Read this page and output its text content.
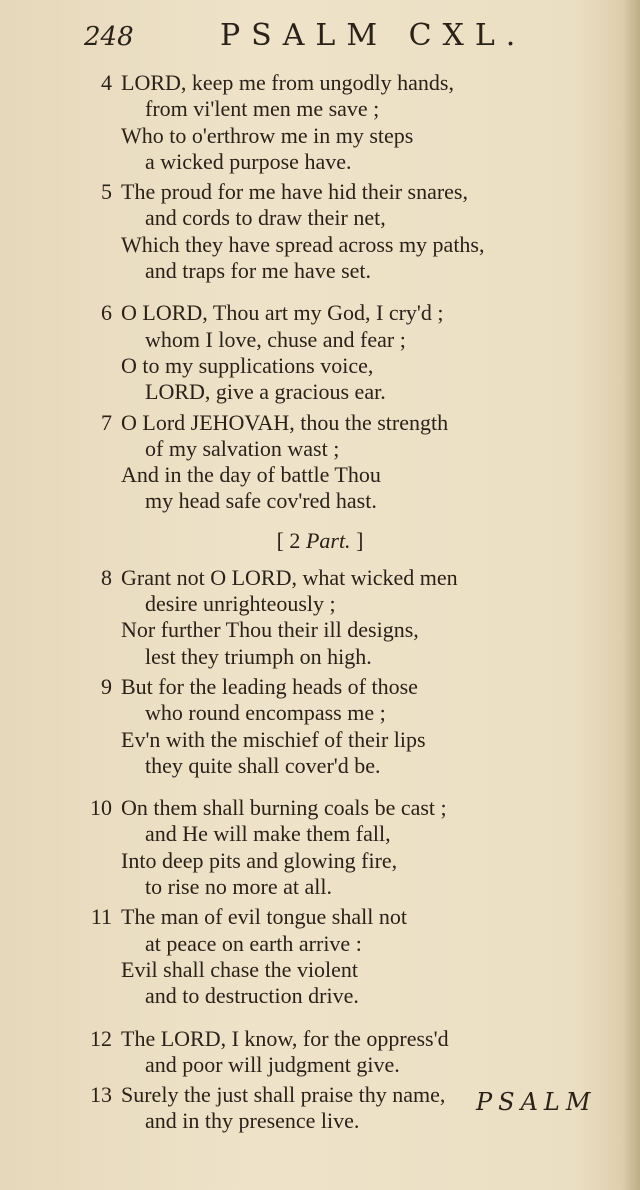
248	PSALM CXL.
4 LORD, keep me from ungodly hands,
from vi'lent men me save ;
Who to o'erthrow me in my steps
a wicked purpose have.
5 The proud for me have hid their snares,
and cords to draw their net,
Which they have spread across my paths,
and traps for me have set.
6 O LORD, Thou art my God, I cry'd ;
whom I love, chuse and fear ;
O to my supplications voice,
LORD, give a gracious ear.
7 O Lord JEHOVAH, thou the strength
of my salvation wast ;
And in the day of battle Thou
my head safe cov'red hast.
[ 2 Part. ]
8 Grant not O LORD, what wicked men
desire unrighteously ;
Nor further Thou their ill designs,
lest they triumph on high.
9 But for the leading heads of those
who round encompass me ;
Ev'n with the mischief of their lips
they quite shall cover'd be.
10 On them shall burning coals be cast ;
and He will make them fall,
Into deep pits and glowing fire,
to rise no more at all.
11 The man of evil tongue shall not
at peace on earth arrive :
Evil shall chase the violent
and to destruction drive.
12 The LORD, I know, for the oppress'd
and poor will judgment give.
13 Surely the just shall praise thy name,
and in thy presence live.
PSALM
